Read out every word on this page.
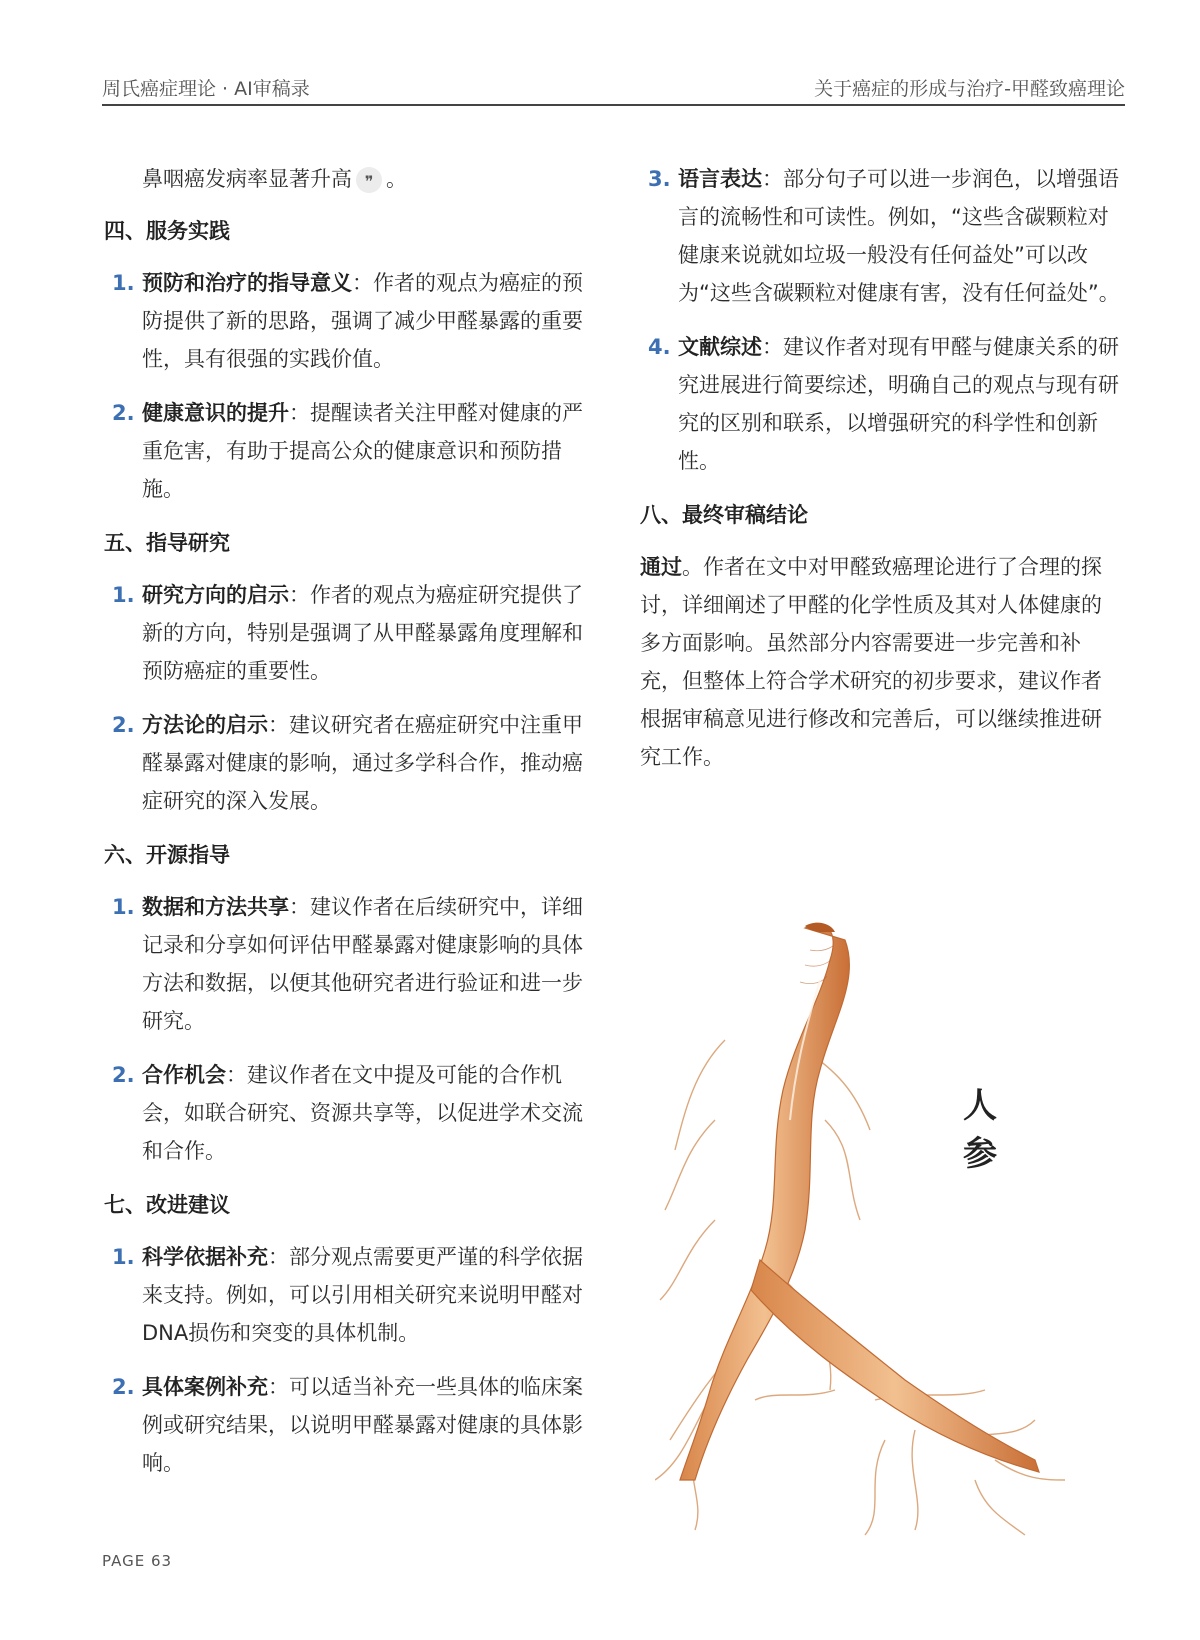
周氏癌症理论 · AI审稿录	关于癌症的形成与治疗-甲醛致癌理论

鼻咽癌发病率显著升高 ❞ 。

四、服务实践
1. 预防和治疗的指导意义：作者的观点为癌症的预防提供了新的思路，强调了减少甲醛暴露的重要性，具有很强的实践价值。
2. 健康意识的提升：提醒读者关注甲醛对健康的严重危害，有助于提高公众的健康意识和预防措施。
五、指导研究
1. 研究方向的启示：作者的观点为癌症研究提供了新的方向，特别是强调了从甲醛暴露角度理解和预防癌症的重要性。
2. 方法论的启示：建议研究者在癌症研究中注重甲醛暴露对健康的影响，通过多学科合作，推动癌症研究的深入发展。
六、开源指导
1. 数据和方法共享：建议作者在后续研究中，详细记录和分享如何评估甲醛暴露对健康影响的具体方法和数据，以便其他研究者进行验证和进一步研究。
2. 合作机会：建议作者在文中提及可能的合作机会，如联合研究、资源共享等，以促进学术交流和合作。
七、改进建议
1. 科学依据补充：部分观点需要更严谨的科学依据来支持。例如，可以引用相关研究来说明甲醛对DNA损伤和突变的具体机制。
2. 具体案例补充：可以适当补充一些具体的临床案例或研究结果，以说明甲醛暴露对健康的具体影响。
3. 语言表达：部分句子可以进一步润色，以增强语言的流畅性和可读性。例如，“这些含碳颗粒对健康来说就如垃圾一般没有任何益处”可以改为“这些含碳颗粒对健康有害，没有任何益处”。
4. 文献综述：建议作者对现有甲醛与健康关系的研究进展进行简要综述，明确自己的观点与现有研究的区别和联系，以增强研究的科学性和创新性。
八、最终审稿结论

通过。作者在文中对甲醛致癌理论进行了合理的探讨，详细阐述了甲醛的化学性质及其对人体健康的多方面影响。虽然部分内容需要进一步完善和补充，但整体上符合学术研究的初步要求，建议作者根据审稿意见进行修改和完善后，可以继续推进研究工作。

人
参
PAGE 63
